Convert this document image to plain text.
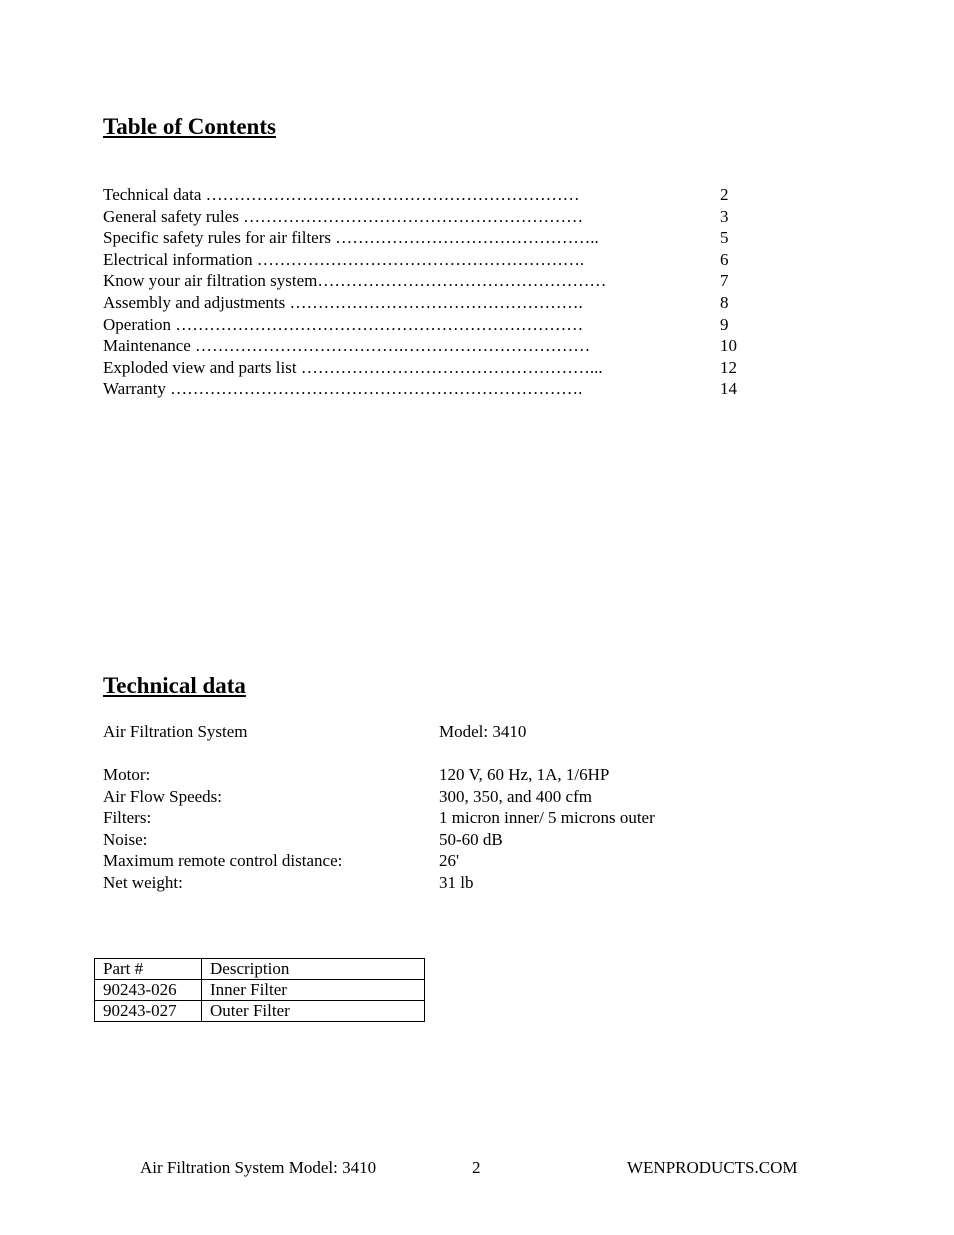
Table of Contents
Technical data …………………………………………………………	2
General safety rules ……………………………………………………	3
Specific safety rules for air filters ………………………………………..	5
Electrical information ………………………………………………….	6
Know your air filtration system……………………………………………	7
Assembly and adjustments …………………………………………….	8
Operation ………………………………………………………………	9
Maintenance ……………………………….……………………………	10
Exploded view and parts list ……………………………………………...	12
Warranty ……………………………………………………………….	14
Technical data
Air Filtration System	Model: 3410
Motor:	120 V, 60 Hz, 1A, 1/6HP
Air Flow Speeds:	300, 350, and 400 cfm
Filters:	1 micron inner/ 5 microns outer
Noise:	50-60 dB
Maximum remote control distance:	26'
Net weight:	31 lb
Part #	Description
90243-026	Inner Filter
90243-027	Outer Filter
Air Filtration System Model: 3410	2	WENPRODUCTS.COM
